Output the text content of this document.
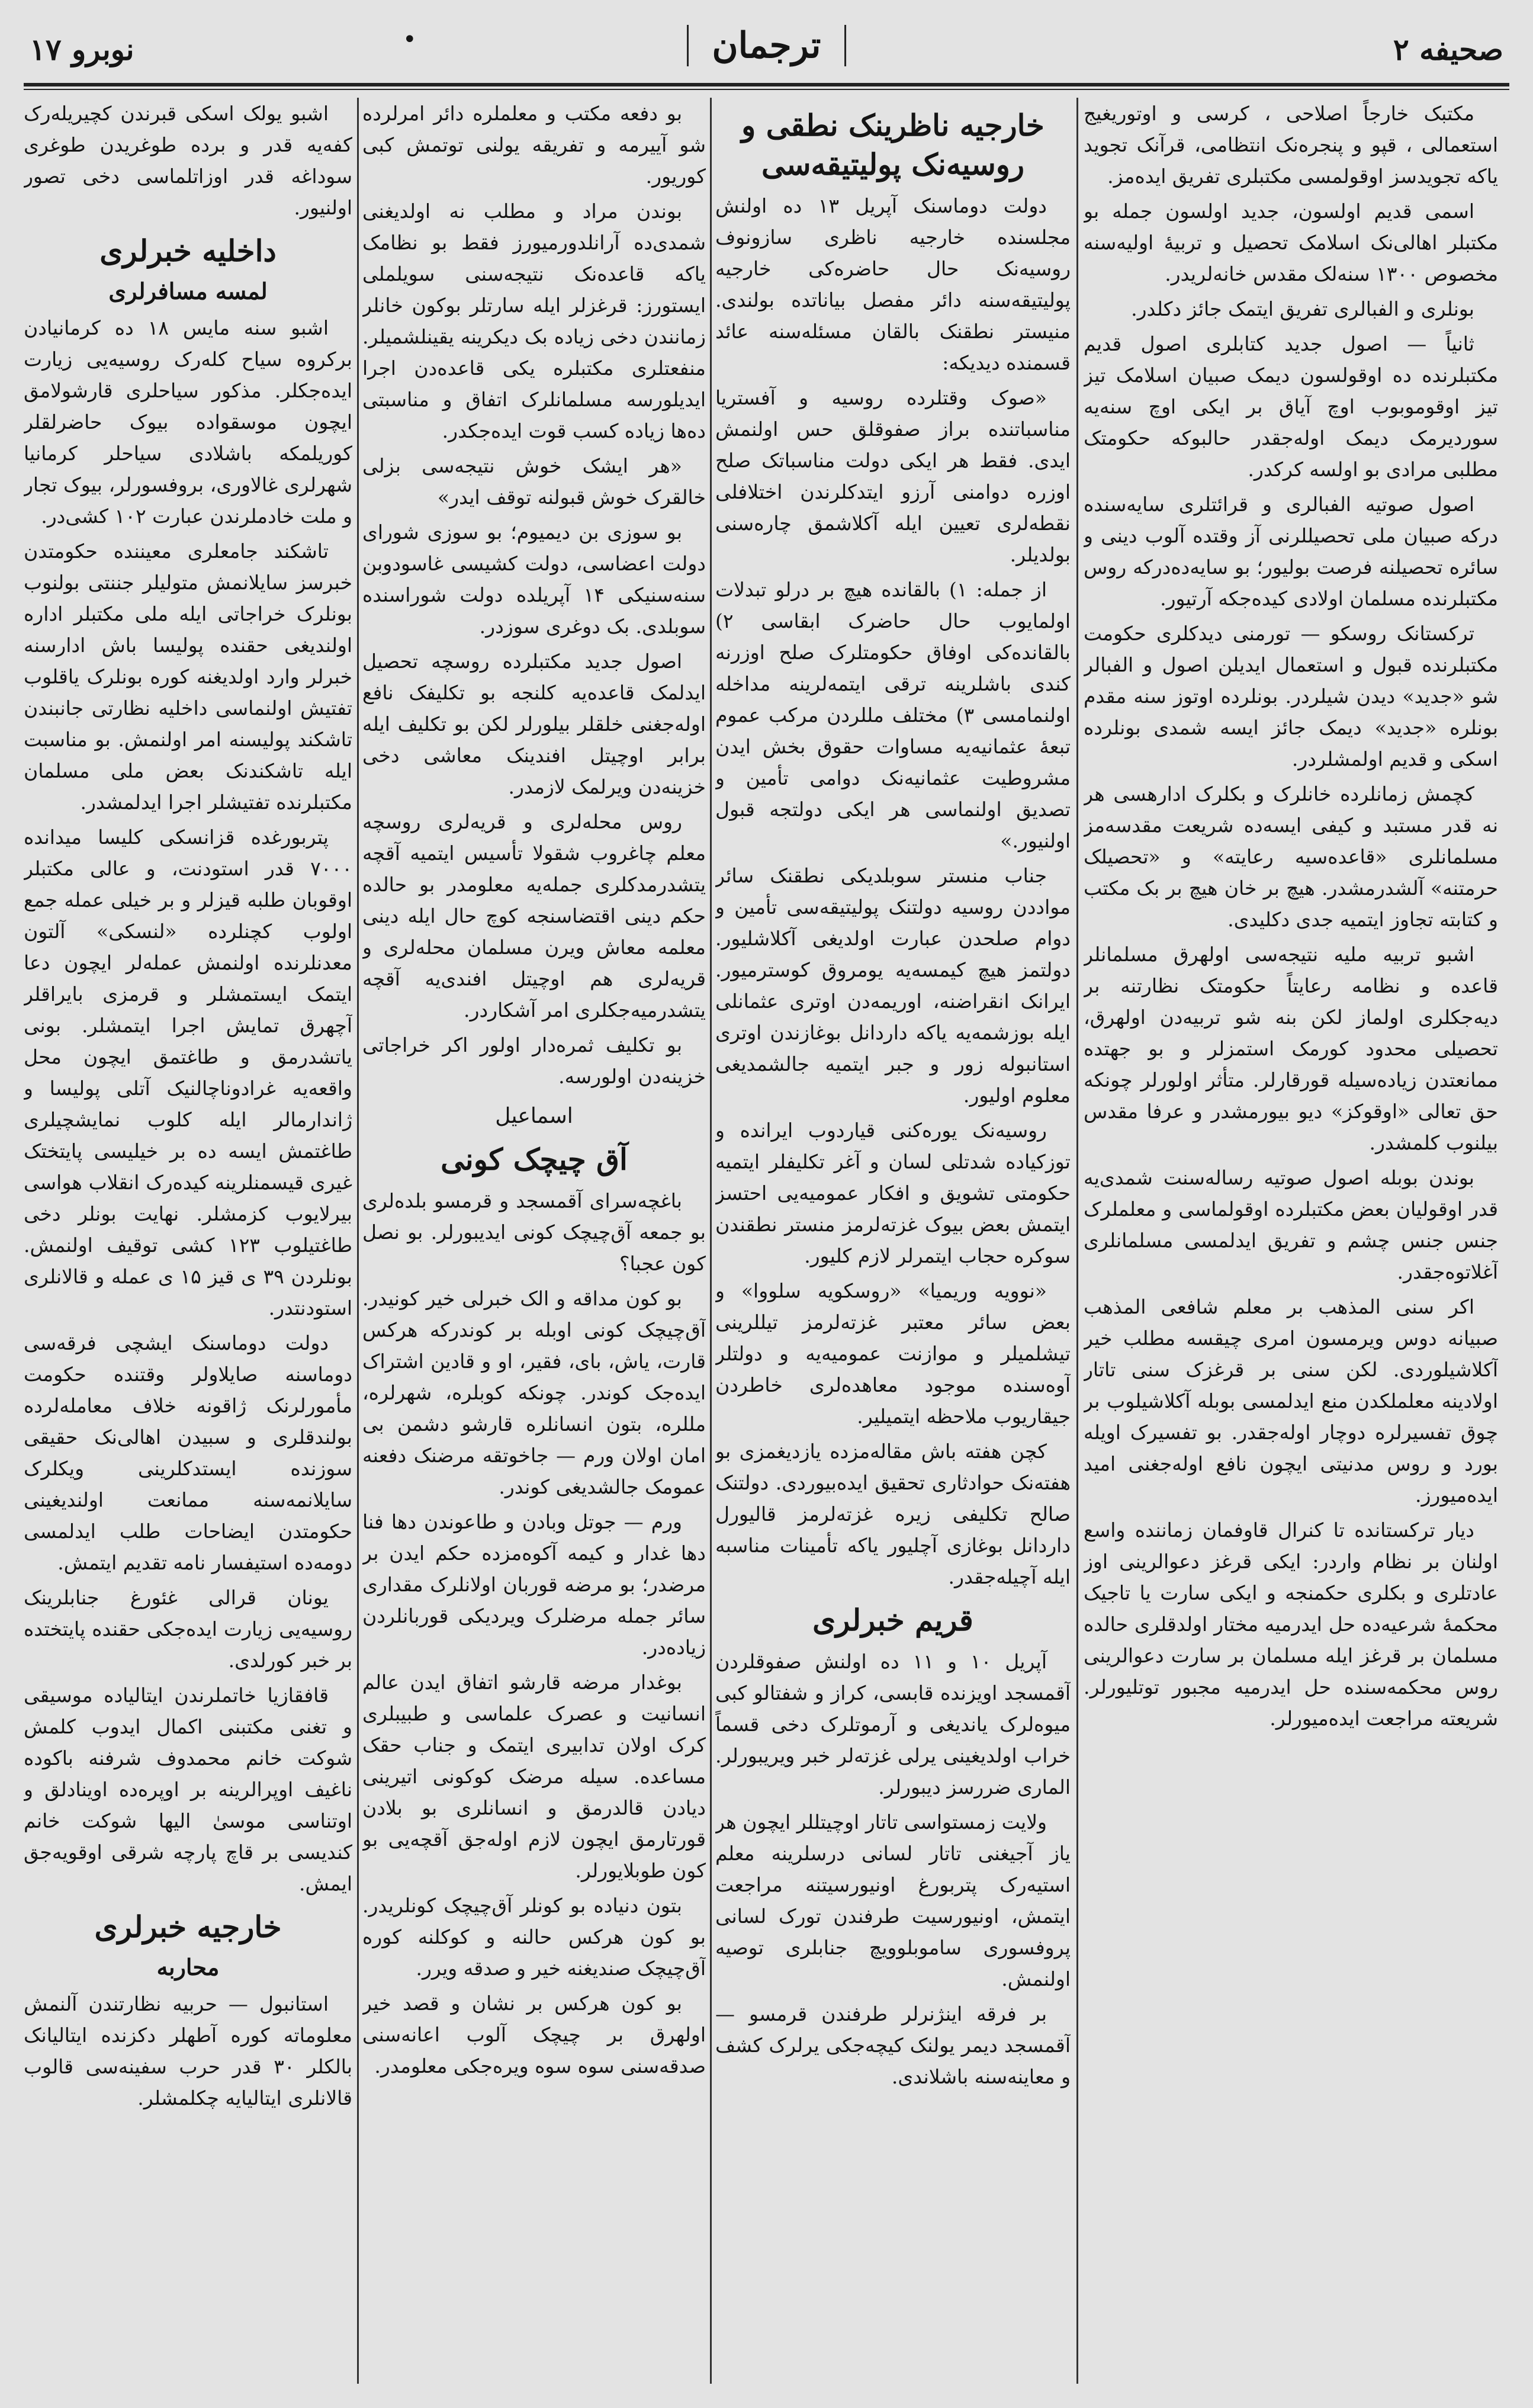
صحیفه ۲
ترجمان
•
نوبرو ۱۷

مکتبک خارجاً اصلاحی ، کرسی و اوتوریغیج استعمالی ، قپو و پنجره‌نک انتظامی، قرآنک تجوید یاکه تجویدسز اوقولمسی مکتبلری تفریق ایده‌مز.

اسمی قدیم اولسون، جدید اولسون جمله بو مکتبلر اهالی‌نک اسلامک تحصیل و تربیهٔ اولیه‌سنه مخصوص ۱۳۰۰ سنه‌لک مقدس خانه‌لریدر.

بونلری و الفبالری تفریق ایتمک جائز دکلدر.

ثانیاً — اصول جدید کتابلری اصول قدیم مکتبلرنده ده اوقولسون دیمک صبیان اسلامک تیز تیز اوقوموبوب اوچ آیاق بر ایکی اوچ سنه‌یه سوردیرمک دیمک اوله‌جقدر حالبوکه حکومتک مطلبی مرادی بو اولسه کرکدر.

اصول صوتیه الفبالری و قرائتلری سایه‌سنده درکه صبیان ملی تحصیللرنی آز وقتده آلوب دینی و سائره تحصیلنه فرصت بولیور؛ بو سایه‌ده‌درکه روس مکتبلرنده مسلمان اولادی کیده‌جکه آرتیور.

ترکستانک روسکو — تورمنی دیدکلری حکومت مکتبلرنده قبول و استعمال ایدیلن اصول و الفبالر شو «جدید» دیدن شیلردر. بونلرده اوتوز سنه مقدم بونلره «جدید» دیمک جائز ایسه شمدی بونلرده اسکی و قدیم اولمشلردر.

کچمش زمانلرده خانلرک و بکلرک ادارهسی هر نه قدر مستبد و کیفی ایسه‌ده شریعت مقدسه‌مز مسلمانلری «قاعده‌سیه رعایته» و «تحصیلک حرمتنه» آلشدرمشدر. هیچ بر خان هیچ بر بک مکتب و کتابته تجاوز ایتمیه جدی دکلیدی.

اشبو تربیه ملیه نتیجه‌سی اولهرق مسلمانلر قاعده و نظامه رعایتاً حکومتک نظارتنه بر دیه‌جکلری اولماز لکن بنه شو تربیه‌دن اولهرق، تحصیلی محدود کورمک استمزلر و بو جهتده ممانعتدن زیاده‌سیله قورقارلر. متأثر اولورلر چونکه حق تعالی «اوقوکز» دیو بیورمشدر و عرفا مقدس بیلنوب کلمشدر.

بوندن بوبله اصول صوتیه رساله‌سنت شمدی‌یه قدر اوقولیان بعض مکتبلرده اوقولماسی و معلملرک جنس جنس چشم و تفریق ایدلمسی مسلمانلری آغلاتوه‌جقدر.

اکر سنی المذهب بر معلم شافعی المذهب صبیانه دوس ویرمسون امری چیقسه مطلب خیر آکلاشیلوردی. لکن سنی بر قرغزک سنی تاتار اولادینه معلملکدن منع ایدلمسی بوبله آکلاشیلوب بر چوق تفسیرلره دوچار اوله‌جقدر. بو تفسیرک اویله بورد و روس مدنیتی ایچون نافع اوله‌جغنی امید ایده‌میورز.

دیار ترکستانده تا کنرال قاوفمان زماننده واسع اولنان بر نظام واردر: ایکی قرغز دعوالرینی اوز عادتلری و بکلری حکمنجه و ایکی سارت یا تاجیک محکمهٔ شرعیه‌ده حل ایدرمیه مختار اولدقلری حالده مسلمان بر قرغز ایله مسلمان بر سارت دعوالرینی روس محکمه‌سنده حل ایدرمیه مجبور توتلیورلر. شریعته مراجعت ایده‌میورلر.

خارجیه ناظرینک نطقی و روسیه‌نک پولیتیقه‌سی

دولت دوماسنک آپریل ۱۳ ده اولنش مجلسنده خارجیه ناظری سازونوف روسیه‌نک حال حاضره‌کی خارجیه پولیتیقه‌سنه دائر مفصل بیاناتده بولندی. منیستر نطقنک بالقان مسئله‌سنه عائد قسمنده دیدیکه:

«صوک وقتلرده روسیه و آفستریا مناسباتنده براز صفوقلق حس اولنمش ایدی. فقط هر ایکی دولت مناسباتک صلح اوزره دوامنی آرزو ایتدکلرندن اختلافلی نقطه‌لری تعیین ایله آکلاشمق چاره‌سنی بولدیلر.

از جمله: ۱) بالقانده هیچ بر درلو تبدلات اولمایوب حال حاضرک ابقاسی ۲) بالقانده‌کی اوفاق حکومتلرک صلح اوزرنه کندی باشلرینه ترقی ایتمه‌لرینه مداخله اولنمامسی ۳) مختلف مللردن مرکب عموم تبعهٔ عثمانیه‌یه مساوات حقوق بخش ایدن مشروطیت عثمانیه‌نک دوامی تأمین و تصدیق اولنماسی هر ایکی دولتجه قبول اولنیور.»

جناب منستر سوبلدیکی نطقنک سائر مواددن روسیه دولتنک پولیتیقه‌سی تأمین و دوام صلحدن عبارت اولدیغی آکلاشلیور. دولتمز هیچ کیمسه‌یه یومروق کوسترمیور. ایرانک انقراضنه، اوریمه‌دن اوتری عثمانلی ایله بوزشمه‌یه یاکه داردانل بوغازندن اوتری استانبوله زور و جبر ایتمیه جالشمدیغی معلوم اولیور.

روسیه‌نک یوره‌کنی قیاردوب ایرانده و توزکیاده شدتلی لسان و آغر تکلیفلر ایتمیه حکومتی تشویق و افکار عمومیه‌یی احتسز ایتمش بعض بیوک غزته‌لرمز منستر نطقندن سوکره حجاب ایتمرلر لازم کلیور.

«نوویه وریمیا» «روسکویه سلووا» و بعض سائر معتبر غزته‌لرمز تیللرینی تیشلمیلر و موازنت عمومیه‌یه و دولتلر آوه‌سنده موجود معاهده‌لری خاطردن جیقاریوب ملاحظه ایتمیلیر.

کچن هفته باش مقاله‌مزده یازدیغمزی بو هفته‌نک حوادثاری تحقیق ایده‌بیوردی. دولتنک صالح تکلیفی زیره غزته‌لرمز قالیورل داردانل بوغازی آچلیور یاکه تأمینات مناسبه ایله آچیله‌جقدر.

قریم خبرلری

آپریل ۱۰ و ۱۱ ده اولنش صفوقلردن آقمسجد اویزنده قابسی، کراز و شفتالو کبی میوه‌لرک یاندیغی و آرموتلرک دخی قسماً خراب اولدیغینی یرلی غزته‌لر خبر ویریبورلر. الماری ضررسز دیبورلر.

ولایت زمستواسی تاتار اوچیتللر ایچون هر یاز آجیغنی تاتار لسانی درسلرینه معلم استیه‌رک پتربورغ اونیورسیتنه مراجعت ایتمش، اونیورسیت طرفندن تورک لسانی پروفسوری ساموبلوویچ جنابلری توصیه اولنمش.

بر فرقه اینژنرلر طرفندن قرمسو — آقمسجد دیمر یولنک کیچه‌جکی یرلرک کشف و معاینه‌سنه باشلاندی.

بو دفعه مکتب و معلملره دائر امرلرده شو آییرمه و تفریقه یولنی توتمش کبی کوریور.

بوندن مراد و مطلب نه اولدیغنی شمدی‌ده آرانلدورمیورز فقط بو نظامک یاکه قاعده‌نک نتیجه‌سنی سویلملی ایستورز: قرغزلر ایله سارتلر بوکون خانلر زمانندن دخی زیاده بک دیکرینه یقینلشمیلر. منفعتلری مکتبلره یکی قاعده‌دن اجرا ایدیلورسه مسلمانلرک اتفاق و مناسبتی ده‌ها زیاده کسب قوت ایده‌جکدر.

«هر ایشک خوش نتیجه‌سی بزلی خالقرک خوش قبولنه توقف ایدر»

بو سوزی بن دیمیوم؛ بو سوزی شورای دولت اعضاسی، دولت کشیسی غاسودوبن سنه‌سنیکی ۱۴ آپریلده دولت شوراسنده سوبلدی. بک دوغری سوزدر.

اصول جدید مکتبلرده روسچه تحصیل ایدلمک قاعده‌یه کلنجه بو تکلیفک نافع اوله‌جغنی خلقلر بیلورلر لکن بو تکلیف ایله برابر اوچیتل افندینک معاشی دخی خزینه‌دن ویرلمک لازمدر.

روس محله‌لری و قریه‌لری روسچه معلم چاغروب شقولا تأسیس ایتمیه آقچه یتشدرمدکلری جمله‌یه معلومدر بو حالده حکم دینی اقتضاسنجه کوچ حال ایله دینی معلمه معاش ویرن مسلمان محله‌لری و قریه‌لری هم اوچیتل افندی‌یه آقچه یتشدرمیه‌جکلری امر آشکاردر.

بو تکلیف ثمره‌دار اولور اکر خراجاتی خزینه‌دن اولورسه.

اسماعیل
آق چیچک کونی

باغچه‌سرای آقمسجد و قرمسو بلده‌لری بو جمعه آق‌چیچک کونی ایدیبورلر. بو نصل کون عجبا؟

بو کون مداقه و الک خبرلی خیر کونیدر. آق‌چیچک کونی اوبله بر کوندرکه هرکس قارت، یاش، بای، فقیر، او و قادین اشتراک ایده‌جک کوندر. چونکه کوبلره، شهرلره، مللره، بتون انسانلره قارشو دشمن بی امان اولان ورم — جاخوتقه مرضنک دفعنه عمومک جالشدیغی کوندر.

ورم — جوتل وبادن و طاعوندن دها فنا دها غدار و کیمه آکوه‌مزده حکم ایدن بر مرضدر؛ بو مرضه قوربان اولانلرک مقداری سائر جمله مرضلرک ویردیکی قوربانلردن زیاده‌در.

بوغدار مرضه قارشو اتفاق ایدن عالم انسانیت و عصرک علماسی و طبیبلری کرک اولان تدابیری ایتمک و جناب حقک مساعده. سیله مرضک کوکونی اتیرینی دیادن قالدرمق و انسانلری بو بلادن قورتارمق ایچون لازم اوله‌جق آقچه‌یی بو کون طوبلایورلر.

بتون دنیاده بو کونلر آق‌چیچک کونلریدر. بو کون هرکس حالنه و کوکلنه کوره آق‌چیچک صندیغنه خیر و صدقه ویرر.

بو کون هرکس بر نشان و قصد خیر اولهرق بر چیچک آلوب اعانه‌سنی صدقه‌سنی سوه سوه ویره‌جکی معلومدر.

اشبو یولک اسکی قبرندن کچیریله‌رک کفه‌یه قدر و برده طوغریدن طوغری سوداغه قدر اوزاتلماسی دخی تصور اولنیور.

داخلیه خبرلری
لمسه مسافرلری

اشبو سنه مایس ۱۸ ده کرمانیادن برکروه سیاح کله‌رک روسیه‌یی زیارت ایده‌جکلر. مذکور سیاحلری قارشولامق ایچون موسقواده بیوک حاضرلقلر کوریلمکه باشلادی سیاحلر کرمانیا شهرلری غالاوری، بروفسورلر، بیوک تجار و ملت خادملرندن عبارت ۱۰۲ کشی‌در.

تاشکند جامعلری معیننده حکومتدن خبرسز سایلانمش متولیلر جننتی بولنوب بونلرک خراجاتی ایله ملی مکتبلر اداره اولندیغی حقنده پولیسا باش ادارسنه خبرلر وارد اولدیغنه کوره بونلرک یاقلوب تفتیش اولنماسی داخلیه نظارتی جانبندن تاشکند پولیسنه امر اولنمش. بو مناسبت ایله تاشکندنک بعض ملی مسلمان مکتبلرنده تفتیشلر اجرا ایدلمشدر.

پتربورغده قزانسکی کلیسا میدانده ۷۰۰۰ قدر استودنت، و عالی مکتبلر اوقوبان طلبه قیزلر و بر خیلی عمله جمع اولوب کچنلرده «لنسکی» آلتون معدنلرنده اولنمش عمله‌لر ایچون دعا ایتمک ایستمشلر و قرمزی بایراقلر آچهرق تمایش اجرا ایتمشلر. بونی یاتشدرمق و طاغتمق ایچون محل واقعه‌یه غرادوناچالنیک آتلی پولیسا و ژاندارمالر ایله کلوب نمایشچیلری طاغتمش ایسه ده بر خیلیسی پایتختک غیری قیسمنلرینه کیده‌رک انقلاب هواسی بیرلایوب کزمشلر. نهایت بونلر دخی طاغتیلوب ۱۲۳ کشی توقیف اولنمش. بونلردن ۳۹ ی قیز ۱۵ ی عمله و قالانلری استودنتدر.

دولت دوماسنک ایشچی فرقه‌سی دوماسنه صایلاولر وقتنده حکومت مأمورلرنک ژاقونه خلاف معامله‌لرده بولندقلری و سبیدن اهالی‌نک حقیقی سوزنده ایستدکلرینی ویکلرک سایلانمه‌سنه ممانعت اولندیغینی حکومتدن ایضاحات طلب ایدلمسی دومه‌ده استیفسار نامه تقدیم ایتمش.

یونان قرالی غئورغ جنابلرینک روسیه‌یی زیارت ایده‌جکی حقنده پایتختده بر خبر کورلدی.

قافقازیا خاتملرندن ایتالیاده موسیقی و تغنی مکتبنی اکمال ایدوب کلمش شوکت خانم محمدوف شرفنه باکوده ناغیف اوپرالرینه بر اوپره‌ده اوینادلق و اوتناسی موسیٰ الیها شوکت خانم کندیسی بر قاچ پارچه شرقی اوقویه‌جق ایمش.

خارجیه خبرلری
محاربه

استانبول — حربیه نظارتندن آلنمش معلوماته کوره آطهلر دکزنده ایتالیانک بالکلر ۳۰ قدر حرب سفینه‌سی قالوب قالانلری ایتالیایه چکلمشلر.
